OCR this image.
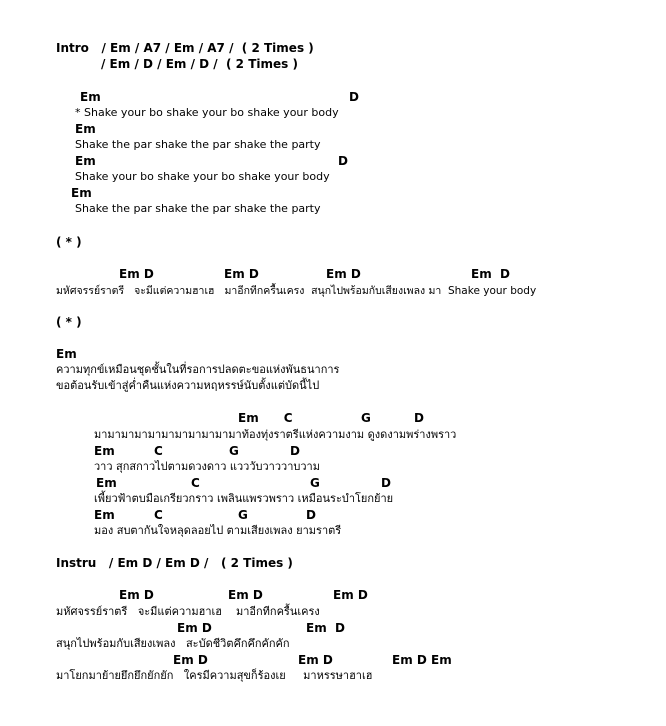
Intro   / Em / A7 / Em / A7 /  ( 2 Times )
/ Em / D / Em / D /  ( 2 Times )
Em	D
* Shake your bo shake your bo shake your body
Em
Shake the par shake the par shake the party
Em	D
Shake your bo shake your bo shake your body
Em
Shake the par shake the par shake the party
( * )
Em D	Em D	Em D	Em  D
มหัศจรรย์ราตรี   จะมีแต่ความฮาเฮ   มาอีกทีกครื้นเครง  สนุกไปพร้อมกับเสียงเพลง มา  Shake your body
( * )
Em
ความทุกข์เหมือนชุดชั้นในที่รอการปลดตะขอแห่งพันธนาการ
ขอต้อนรับเข้าสู่ค่ำคืนแห่งความหฤหรรษ์นับตั้งแต่บัดนี้ไป
Em      C	G	D
มามามามามามามามามามามาท้องทุ่งราตรีแห่งความงาม ดูงดงามพร่างพราว
Em	C	G	D
วาว สุกสกาวไปตามดวงดาว แวววับวาววาบวาม
Em	C	G	D
เพี้ยวฟ้าตบมือเกรียวกราว เพลินแพรวพราว เหมือนระบำโยกย้าย
Em	C	G	D
มอง สบตากันใจหลุดลอยไป ตามเสียงเพลง ยามราตรี
Instru   / Em D / Em D /   ( 2 Times )
Em D	Em D	Em D
มหัศจรรย์ราตรี   จะมีแต่ความฮาเฮ    มาอีกทีกครื้นเครง
Em D	Em  D
สนุกไปพร้อมกับเสียงเพลง   สะบัดชีวิตคึกคึกคักคัก
Em D	Em D	Em D Em
มาโยกมาย้ายยึกยึกยักยัก   ใครมีความสุขก็ร้องเย     มาหรรษาฮาเฮ
